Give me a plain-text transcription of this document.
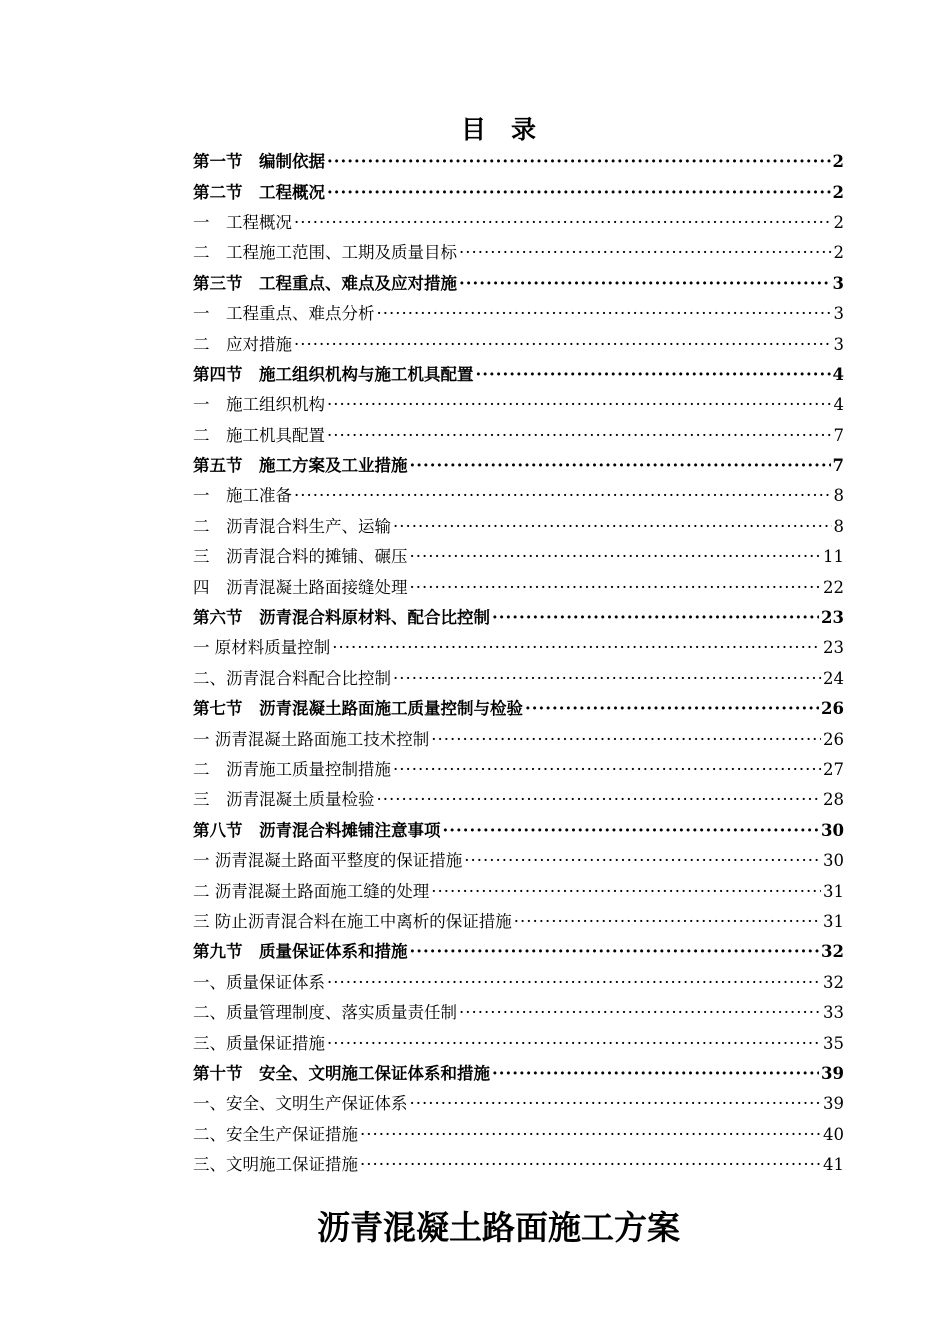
目　录
第一节　编制依据 ·····	2
第二节　工程概况 ·····	2
一　工程概况 ·····	2
二　工程施工范围、工期及质量目标 ·····	2
第三节　工程重点、难点及应对措施 ·····	3
一　工程重点、难点分析 ·····	3
二　应对措施 ·····	3
第四节　施工组织机构与施工机具配置 ·····	4
一　施工组织机构 ·····	4
二　施工机具配置 ·····	7
第五节　施工方案及工业措施 ·····	7
一　施工准备 ·····	8
二　沥青混合料生产、运输 ·····	8
三　沥青混合料的摊铺、碾压 ·····	11
四　沥青混凝土路面接缝处理 ·····	22
第六节　沥青混合料原材料、配合比控制 ·····	23
一 原材料质量控制 ·····	23
二、沥青混合料配合比控制 ·····	24
第七节　沥青混凝土路面施工质量控制与检验 ·····	26
一 沥青混凝土路面施工技术控制 ·····	26
二　沥青施工质量控制措施 ·····	27
三　沥青混凝土质量检验 ·····	28
第八节　沥青混合料摊铺注意事项 ·····	30
一 沥青混凝土路面平整度的保证措施 ·····	30
二 沥青混凝土路面施工缝的处理 ·····	31
三 防止沥青混合料在施工中离析的保证措施 ·····	31
第九节　质量保证体系和措施 ·····	32
一、质量保证体系 ·····	32
二、质量管理制度、落实质量责任制 ·····	33
三、质量保证措施 ·····	35
第十节　安全、文明施工保证体系和措施 ·····	39
一、安全、文明生产保证体系 ·····	39
二、安全生产保证措施 ·····	40
三、文明施工保证措施 ·····	41
沥青混凝土路面施工方案
